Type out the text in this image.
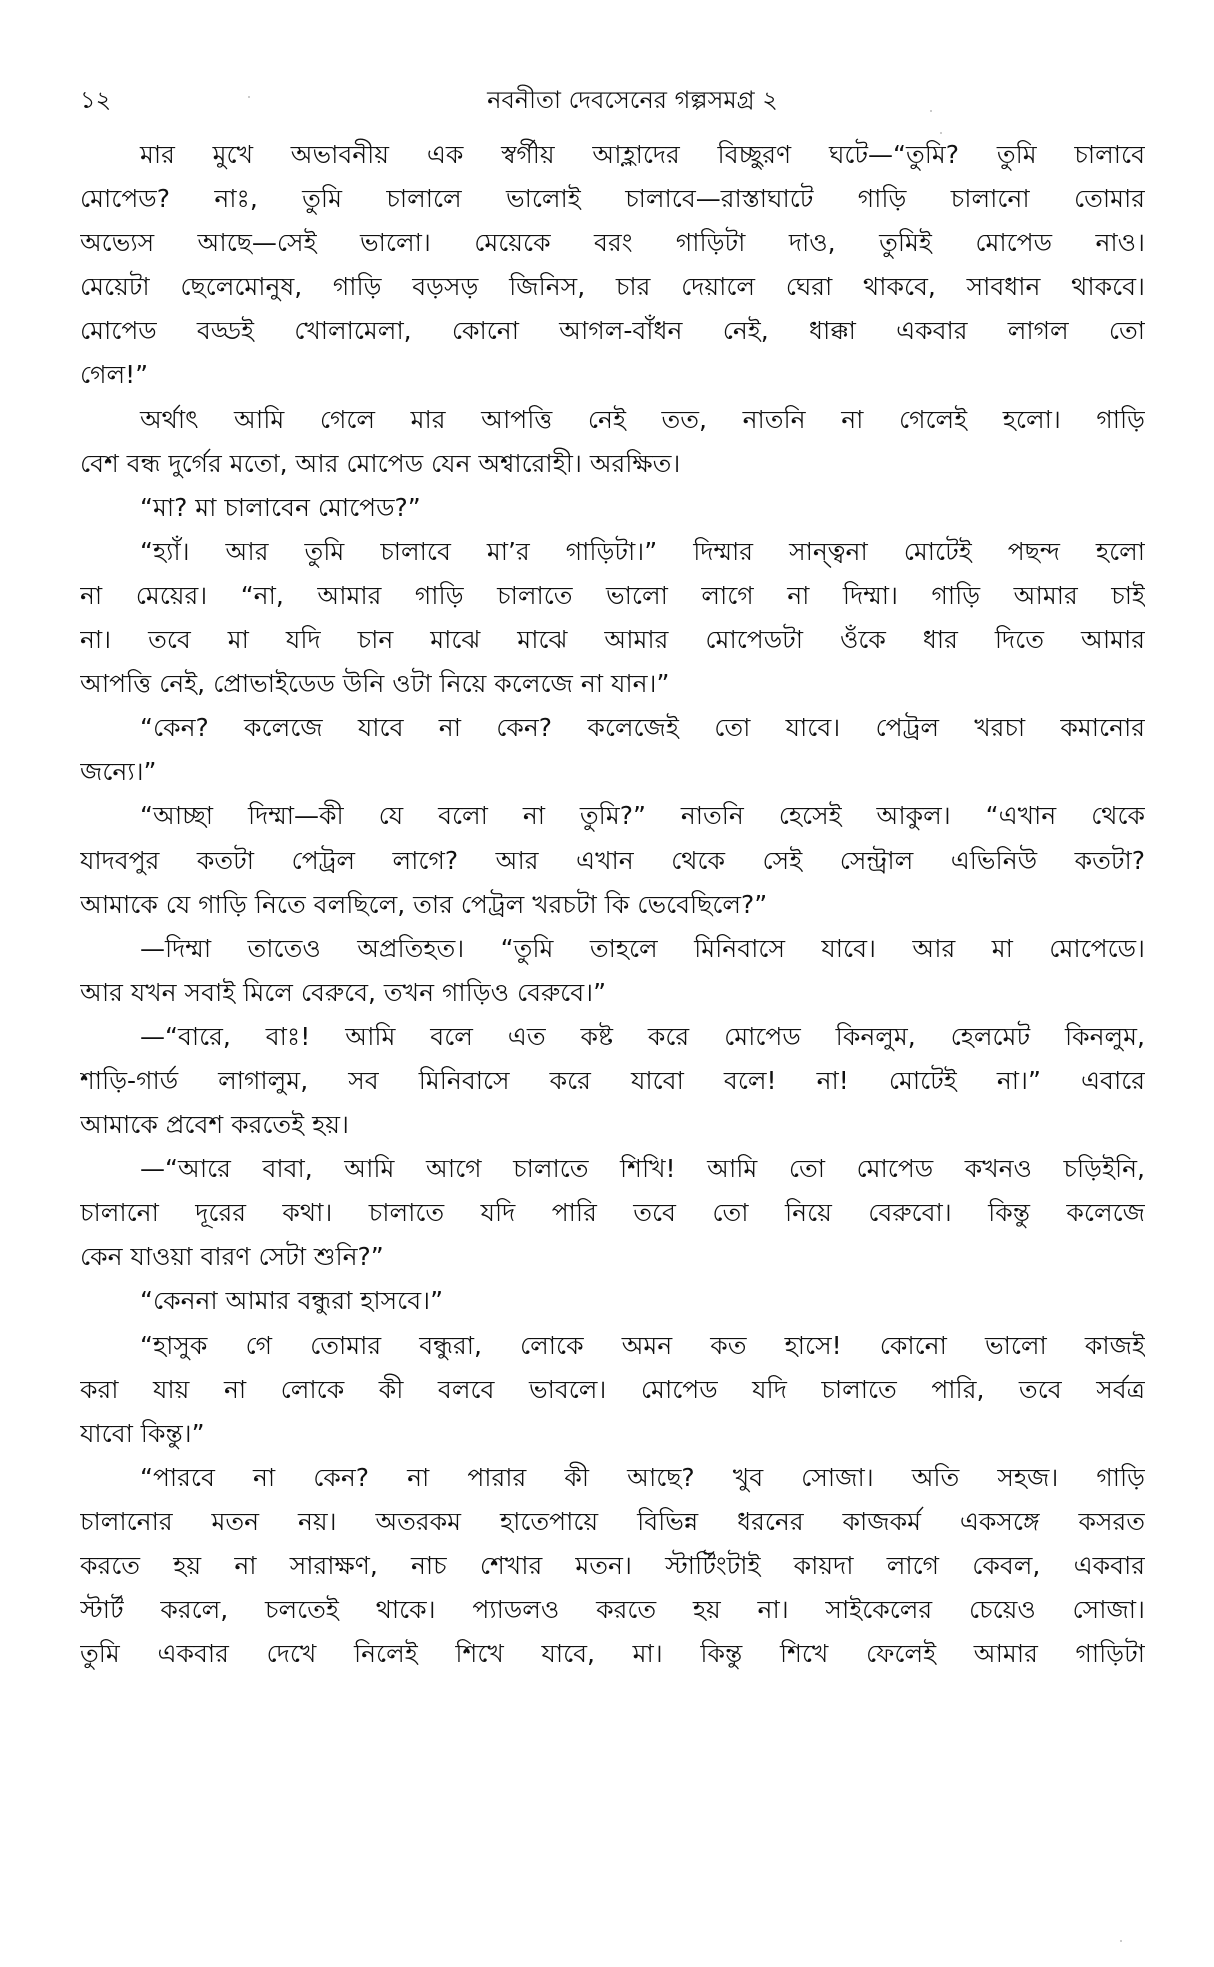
১২	নবনীতা দেবসেনের গল্পসমগ্র ২
মার মুখে অভাবনীয় এক স্বর্গীয় আহ্লাদের বিচ্ছুরণ ঘটে—“তুমি? তুমি চালাবে
মোপেড? নাঃ, তুমি চালালে ভালোই চালাবে—রাস্তাঘাটে গাড়ি চালানো তোমার
অভ্যেস আছে—সেই ভালো। মেয়েকে বরং গাড়িটা দাও, তুমিই মোপেড নাও।
মেয়েটা ছেলেমোনুষ, গাড়ি বড়সড় জিনিস, চার দেয়ালে ঘেরা থাকবে, সাবধান থাকবে।
মোপেড বড্ডই খোলামেলা, কোনো আগল-বাঁধন নেই, ধাক্কা একবার লাগল তো
গেল!”
অর্থাৎ আমি গেলে মার আপত্তি নেই তত, নাতনি না গেলেই হলো। গাড়ি
বেশ বন্ধ দুর্গের মতো, আর মোপেড যেন অশ্বারোহী। অরক্ষিত।
“মা? মা চালাবেন মোপেড?”
“হ্যাঁ। আর তুমি চালাবে মা’র গাড়িটা।” দিম্মার সান্ত্বনা মোটেই পছন্দ হলো
না মেয়ের। “না, আমার গাড়ি চালাতে ভালো লাগে না দিম্মা। গাড়ি আমার চাই
না। তবে মা যদি চান মাঝে মাঝে আমার মোপেডটা ওঁকে ধার দিতে আমার
আপত্তি নেই, প্রোভাইডেড উনি ওটা নিয়ে কলেজে না যান।”
“কেন? কলেজে যাবে না কেন? কলেজেই তো যাবে। পেট্রল খরচা কমানোর
জন্যে।”
“আচ্ছা দিম্মা—কী যে বলো না তুমি?” নাতনি হেসেই আকুল। “এখান থেকে
যাদবপুর কতটা পেট্রল লাগে? আর এখান থেকে সেই সেন্ট্রাল এভিনিউ কতটা?
আমাকে যে গাড়ি নিতে বলছিলে, তার পেট্রল খরচটা কি ভেবেছিলে?”
—দিম্মা তাতেও অপ্রতিহত। “তুমি তাহলে মিনিবাসে যাবে। আর মা মোপেডে।
আর যখন সবাই মিলে বেরুবে, তখন গাড়িও বেরুবে।”
—“বারে, বাঃ! আমি বলে এত কষ্ট করে মোপেড কিনলুম, হেলমেট কিনলুম,
শাড়ি-গার্ড লাগালুম, সব মিনিবাসে করে যাবো বলে! না! মোটেই না।” এবারে
আমাকে প্রবেশ করতেই হয়।
—“আরে বাবা, আমি আগে চালাতে শিখি! আমি তো মোপেড কখনও চড়িইনি,
চালানো দূরের কথা। চালাতে যদি পারি তবে তো নিয়ে বেরুবো। কিন্তু কলেজে
কেন যাওয়া বারণ সেটা শুনি?”
“কেননা আমার বন্ধুরা হাসবে।”
“হাসুক গে তোমার বন্ধুরা, লোকে অমন কত হাসে! কোনো ভালো কাজই
করা যায় না লোকে কী বলবে ভাবলে। মোপেড যদি চালাতে পারি, তবে সর্বত্র
যাবো কিন্তু।”
“পারবে না কেন? না পারার কী আছে? খুব সোজা। অতি সহজ। গাড়ি
চালানোর মতন নয়। অতরকম হাতেপায়ে বিভিন্ন ধরনের কাজকর্ম একসঙ্গে কসরত
করতে হয় না সারাক্ষণ, নাচ শেখার মতন। স্টার্টিংটাই কায়দা লাগে কেবল, একবার
স্টার্ট করলে, চলতেই থাকে। প্যাডলও করতে হয় না। সাইকেলের চেয়েও সোজা।
তুমি একবার দেখে নিলেই শিখে যাবে, মা। কিন্তু শিখে ফেলেই আমার গাড়িটা
